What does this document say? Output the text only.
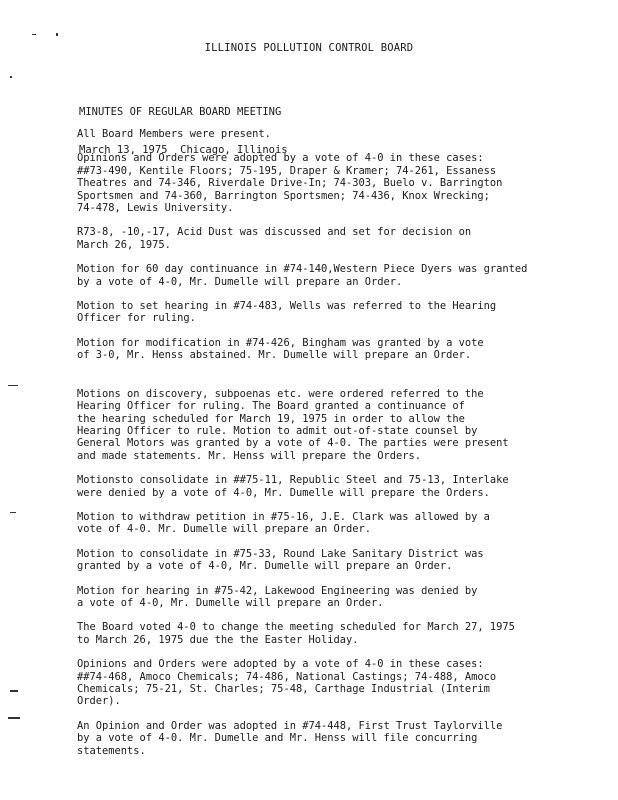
ILLINOIS POLLUTION CONTROL BOARD

MINUTES OF REGULAR BOARD MEETING

March 13, 1975  Chicago, Illinois

All Board Members were present.
Opinions and Orders were adopted by a vote of 4-0 in these cases:
##73-490, Kentile Floors; 75-195, Draper & Kramer; 74-261, Essaness
Theatres and 74-346, Riverdale Drive-In; 74-303, Buelo v. Barrington
Sportsmen and 74-360, Barrington Sportsmen; 74-436, Knox Wrecking;
74-478, Lewis University.
R73-8, -10,-17, Acid Dust was discussed and set for decision on
March 26, 1975.
Motion for 60 day continuance in #74-140,Western Piece Dyers was granted
by a vote of 4-0, Mr. Dumelle will prepare an Order.
Motion to set hearing in #74-483, Wells was referred to the Hearing
Officer for ruling.
Motion for modification in #74-426, Bingham was granted by a vote
of 3-0, Mr. Henss abstained. Mr. Dumelle will prepare an Order.
Motions on discovery, subpoenas etc. were ordered referred to the
Hearing Officer for ruling. The Board granted a continuance of
the hearing scheduled for March 19, 1975 in order to allow the
Hearing Officer to rule. Motion to admit out-of-state counsel by
General Motors was granted by a vote of 4-0. The parties were present
and made statements. Mr. Henss will prepare the Orders.
Motionsto consolidate in ##75-11, Republic Steel and 75-13, Interlake
were denied by a vote of 4-0, Mr. Dumelle will prepare the Orders.
Motion to withdraw petition in #75-16, J.E. Clark was allowed by a
vote of 4-0. Mr. Dumelle will prepare an Order.
Motion to consolidate in #75-33, Round Lake Sanitary District was
granted by a vote of 4-0, Mr. Dumelle will prepare an Order.
Motion for hearing in #75-42, Lakewood Engineering was denied by
a vote of 4-0, Mr. Dumelle will prepare an Order.
The Board voted 4-0 to change the meeting scheduled for March 27, 1975
to March 26, 1975 due the the Easter Holiday.
Opinions and Orders were adopted by a vote of 4-0 in these cases:
##74-468, Amoco Chemicals; 74-486, National Castings; 74-488, Amoco
Chemicals; 75-21, St. Charles; 75-48, Carthage Industrial (Interim
Order).
An Opinion and Order was adopted in #74-448, First Trust Taylorville
by a vote of 4-0. Mr. Dumelle and Mr. Henss will file concurring
statements.
